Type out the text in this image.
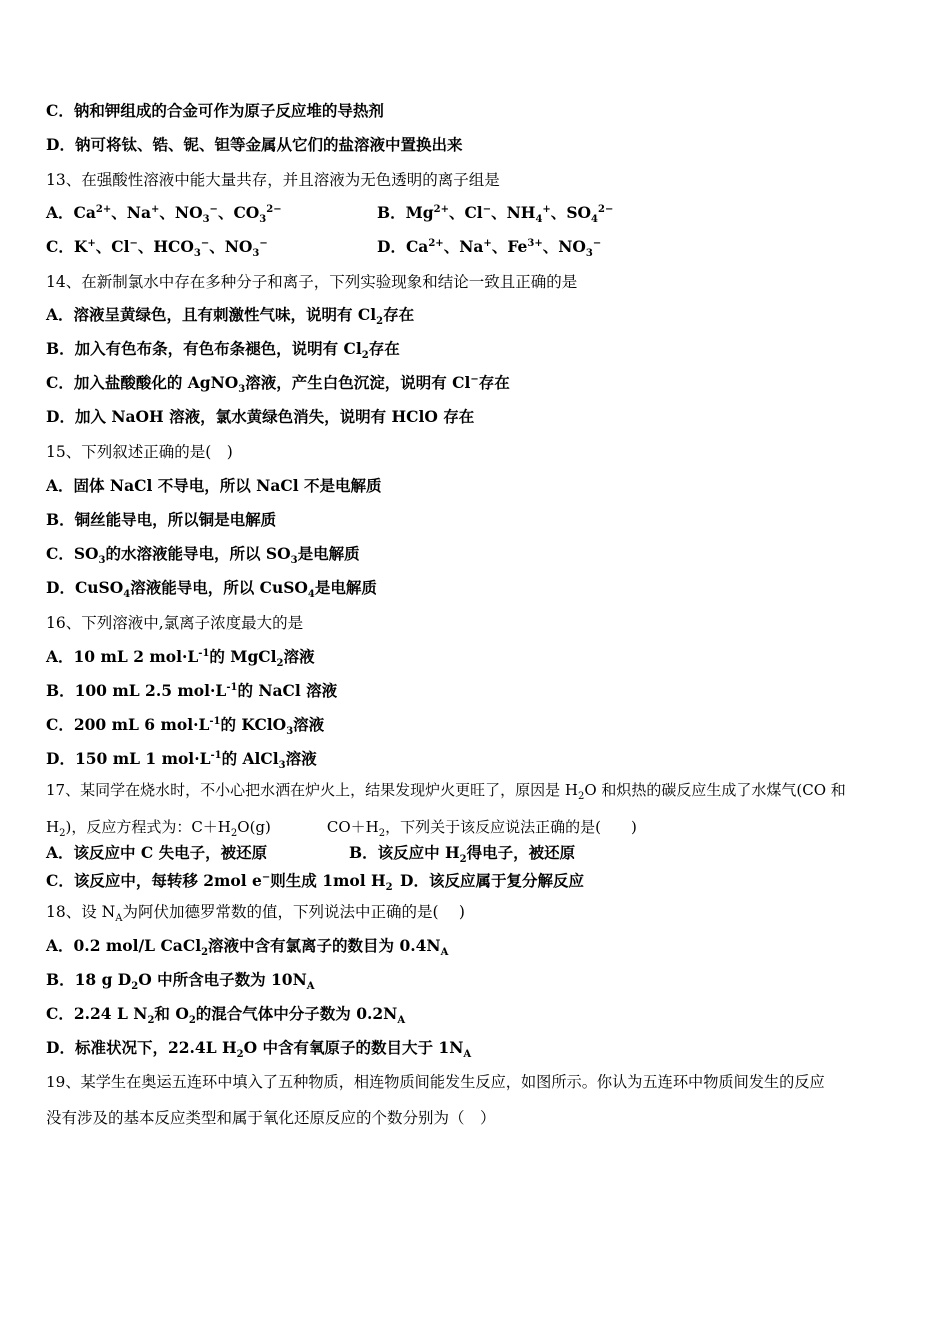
C．钠和钾组成的合金可作为原子反应堆的导热剂
D．钠可将钛、锆、铌、钽等金属从它们的盐溶液中置换出来
13、在强酸性溶液中能大量共存，并且溶液为无色透明的离子组是
A．$Ca^{2+}$、Na+、$NO_3^-$、$CO_3^{2-}$	B．$Mg^{2+}$、Cl−、$NH_4^+$、$SO_4^{2-}$
C．K+、Cl−、$HCO_3^-$、$NO_3^-$	D．$Ca^{2+}$、Na+、$Fe^{3+}$、$NO_3^-$
14、在新制氯水中存在多种分子和离子，下列实验现象和结论一致且正确的是
A．溶液呈黄绿色，且有刺激性气味，说明有 $Cl_2$存在
B．加入有色布条，有色布条褪色，说明有 $Cl_2$存在
C．加入盐酸酸化的 AgNO$_3$溶液，产生白色沉淀，说明有 Cl−存在
D．加入 NaOH 溶液，氯水黄绿色消失，说明有 HClO 存在
15、下列叙述正确的是(　)
A．固体 NaCl 不导电，所以 NaCl 不是电解质
B．铜丝能导电，所以铜是电解质
C．$SO_3$的水溶液能导电，所以 $SO_3$是电解质
D．CuSO$_4$溶液能导电，所以 CuSO$_4$是电解质
16、下列溶液中,氯离子浓度最大的是
A．10 mL 2 $mol\cdot L^{-1}$的 MgCl$_2$溶液
B．100 mL 2.5 $mol\cdot L^{-1}$的 NaCl 溶液
C．200 mL 6 $mol\cdot L^{-1}$的 KClO$_3$溶液
D．150 mL 1 $mol\cdot L^{-1}$的 AlCl$_3$溶液
17、某同学在烧水时，不小心把水洒在炉火上，结果发现炉火更旺了，原因是 $H_2O$ 和炽热的碳反应生成了水煤气(CO 和
$H_2$)，反应方程式为：$C+H_2O(g)$	$CO+H_2$，下列关于该反应说法正确的是(　　)
A．该反应中 C 失电子，被还原	B．该反应中 $H_2$得电子，被还原
C．该反应中，每转移 2mol e−则生成 1mol $H_2$ D．该反应属于复分解反应
18、设 $N_A$为阿伏加德罗常数的值，下列说法中正确的是(　 )
A．0.2 mol/L CaCl$_2$溶液中含有氯离子的数目为 $0.4N_A$
B．18 g $D_2O$ 中所含电子数为 $10N_A$
C．2.24 L $N_2$和 $O_2$的混合气体中分子数为 $0.2N_A$
D．标准状况下，22.4L $H_2O$ 中含有氧原子的数目大于 $1N_A$
19、某学生在奥运五连环中填入了五种物质，相连物质间能发生反应，如图所示。你认为五连环中物质间发生的反应
没有涉及的基本反应类型和属于氧化还原反应的个数分别为（　）
